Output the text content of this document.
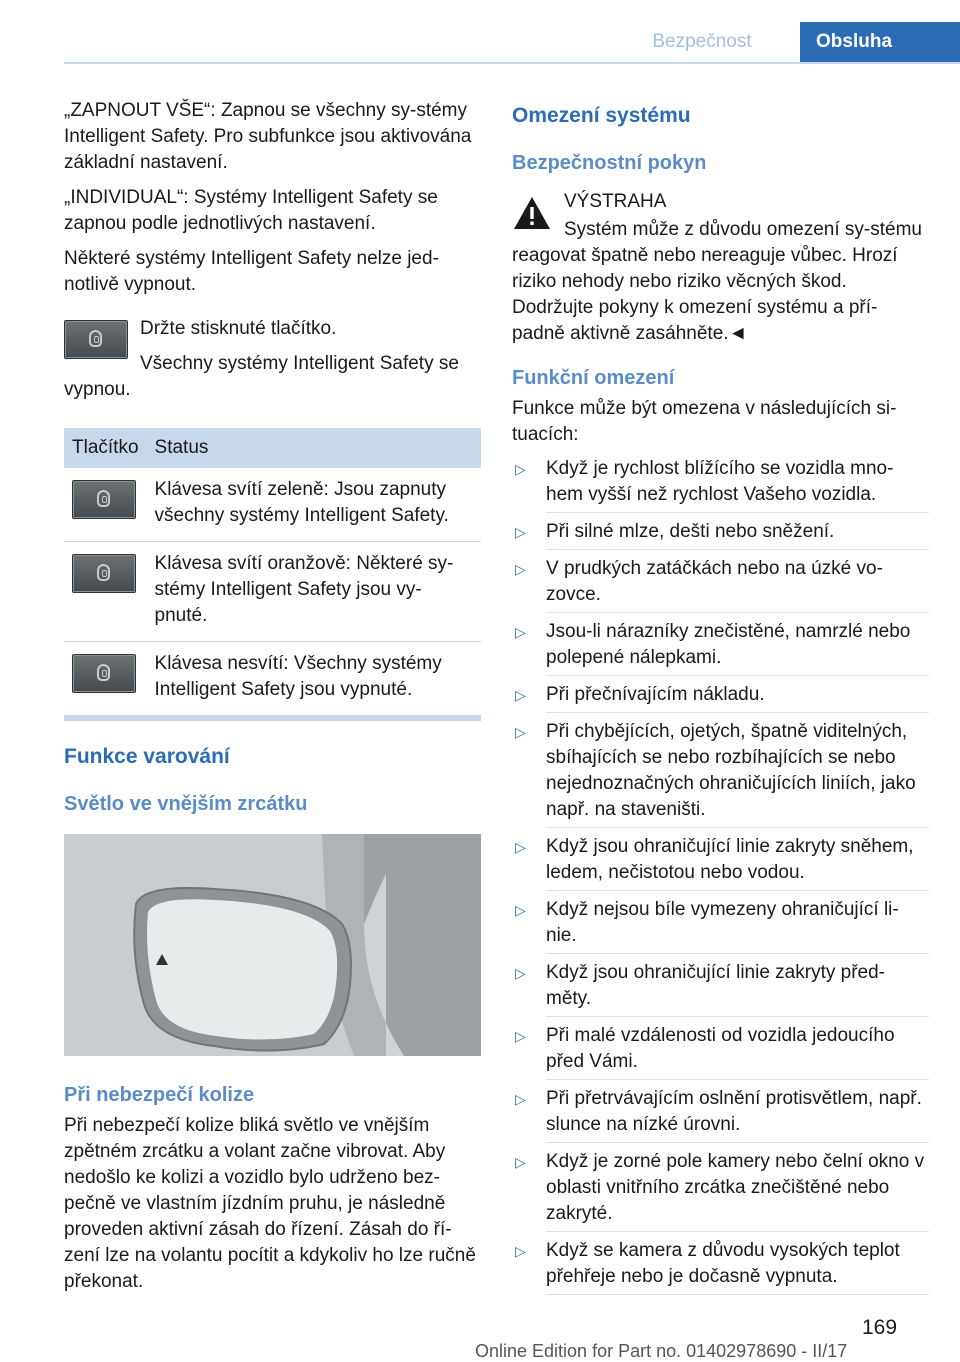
Bezpečnost	Obsluha

„ZAPNOUT VŠE“: Zapnou se všechny sy-stémy Intelligent Safety. Pro subfunkce jsou aktivována základní nastavení.

„INDIVIDUAL“: Systémy Intelligent Safety se zapnou podle jednotlivých nastavení.

Některé systémy Intelligent Safety nelze jed-notlivě vypnout.

Držte stisknuté tlačítko.

Všechny systémy Intelligent Safety se vypnou.

Tlačítko	Status

	Klávesa svítí zeleně: Jsou zapnuty všechny systémy Intelligent Safety.

	Klávesa svítí oranžově: Některé sy-stémy Intelligent Safety jsou vy-pnuté.

	Klávesa nesvítí: Všechny systémy Intelligent Safety jsou vypnuté.
Funkce varování
Světlo ve vnějším zrcátku
Při nebezpečí kolize

Při nebezpečí kolize bliká světlo ve vnějším zpětném zrcátku a volant začne vibrovat. Aby nedošlo ke kolizi a vozidlo bylo udrženo bez-pečně ve vlastním jízdním pruhu, je následně proveden aktivní zásah do řízení. Zásah do ří-zení lze na volantu pocítit a kdykoliv ho lze ručně překonat.

Omezení systému
Bezpečnostní pokyn

VÝSTRAHA

Systém může z důvodu omezení sy-stému reagovat špatně nebo nereaguje vůbec. Hrozí riziko nehody nebo riziko věcných škod. Dodržujte pokyny k omezení systému a pří-padně aktivně zasáhněte.◄

Funkční omezení

Funkce může být omezena v následujících si-tuacích:

▷ Když je rychlost blížícího se vozidla mno-hem vyšší než rychlost Vašeho vozidla.
▷ Při silné mlze, dešti nebo sněžení.
▷ V prudkých zatáčkách nebo na úzké vo-zovce.
▷ Jsou-li nárazníky znečistěné, namrzlé nebo polepené nálepkami.
▷ Při přečnívajícím nákladu.
▷ Při chybějících, ojetých, špatně viditelných, sbíhajících se nebo rozbíhajících se nebo nejednoznačných ohraničujících liniích, jako např. na staveništi.
▷ Když jsou ohraničující linie zakryty sněhem, ledem, nečistotou nebo vodou.
▷ Když nejsou bíle vymezeny ohraničující li-nie.
▷ Když jsou ohraničující linie zakryty před-měty.
▷ Při malé vzdálenosti od vozidla jedoucího před Vámi.
▷ Při přetrvávajícím oslnění protisvětlem, např. slunce na nízké úrovni.
▷ Když je zorné pole kamery nebo čelní okno v oblasti vnitřního zrcátka znečištěné nebo zakryté.
▷ Když se kamera z důvodu vysokých teplot přehřeje nebo je dočasně vypnuta.
169
Online Edition for Part no. 01402978690 - II/17
